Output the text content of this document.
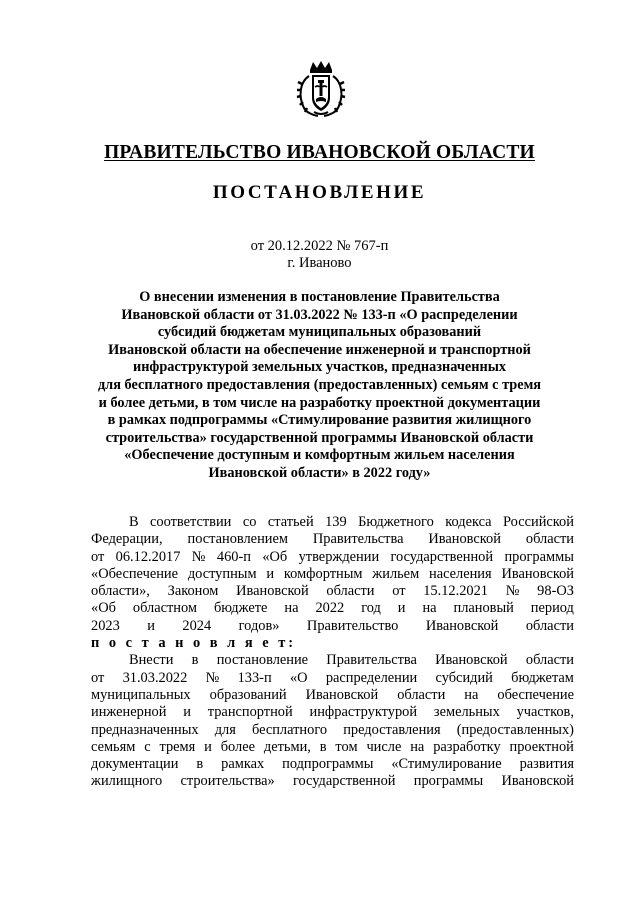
ПРАВИТЕЛЬСТВО ИВАНОВСКОЙ ОБЛАСТИ
ПОСТАНОВЛЕНИЕ
от 20.12.2022 № 767-п
г. Иваново
О внесении изменения в постановление Правительства
Ивановской области от 31.03.2022 № 133-п «О распределении
субсидий бюджетам муниципальных образований
Ивановской области на обеспечение инженерной и транспортной
инфраструктурой земельных участков, предназначенных
для бесплатного предоставления (предоставленных) семьям с тремя
и более детьми, в том числе на разработку проектной документации
в рамках подпрограммы «Стимулирование развития жилищного
строительства» государственной программы Ивановской области
«Обеспечение доступным и комфортным жильем населения
Ивановской области» в 2022 году»
В соответствии со статьей 139 Бюджетного кодекса Российской
Федерации, постановлением Правительства Ивановской области
от 06.12.2017 № 460-п «Об утверждении государственной программы
«Обеспечение доступным и комфортным жильем населения Ивановской
области», Законом Ивановской области от 15.12.2021 № 98-ОЗ
«Об областном бюджете на 2022 год и на плановый период
2023 и 2024 годов» Правительство Ивановской области
п о с т а н о в л я е т:
Внести в постановление Правительства Ивановской области
от 31.03.2022 № 133-п «О распределении субсидий бюджетам
муниципальных образований Ивановской области на обеспечение
инженерной и транспортной инфраструктурой земельных участков,
предназначенных для бесплатного предоставления (предоставленных)
семьям с тремя и более детьми, в том числе на разработку проектной
документации в рамках подпрограммы «Стимулирование развития
жилищного строительства» государственной программы Ивановской
